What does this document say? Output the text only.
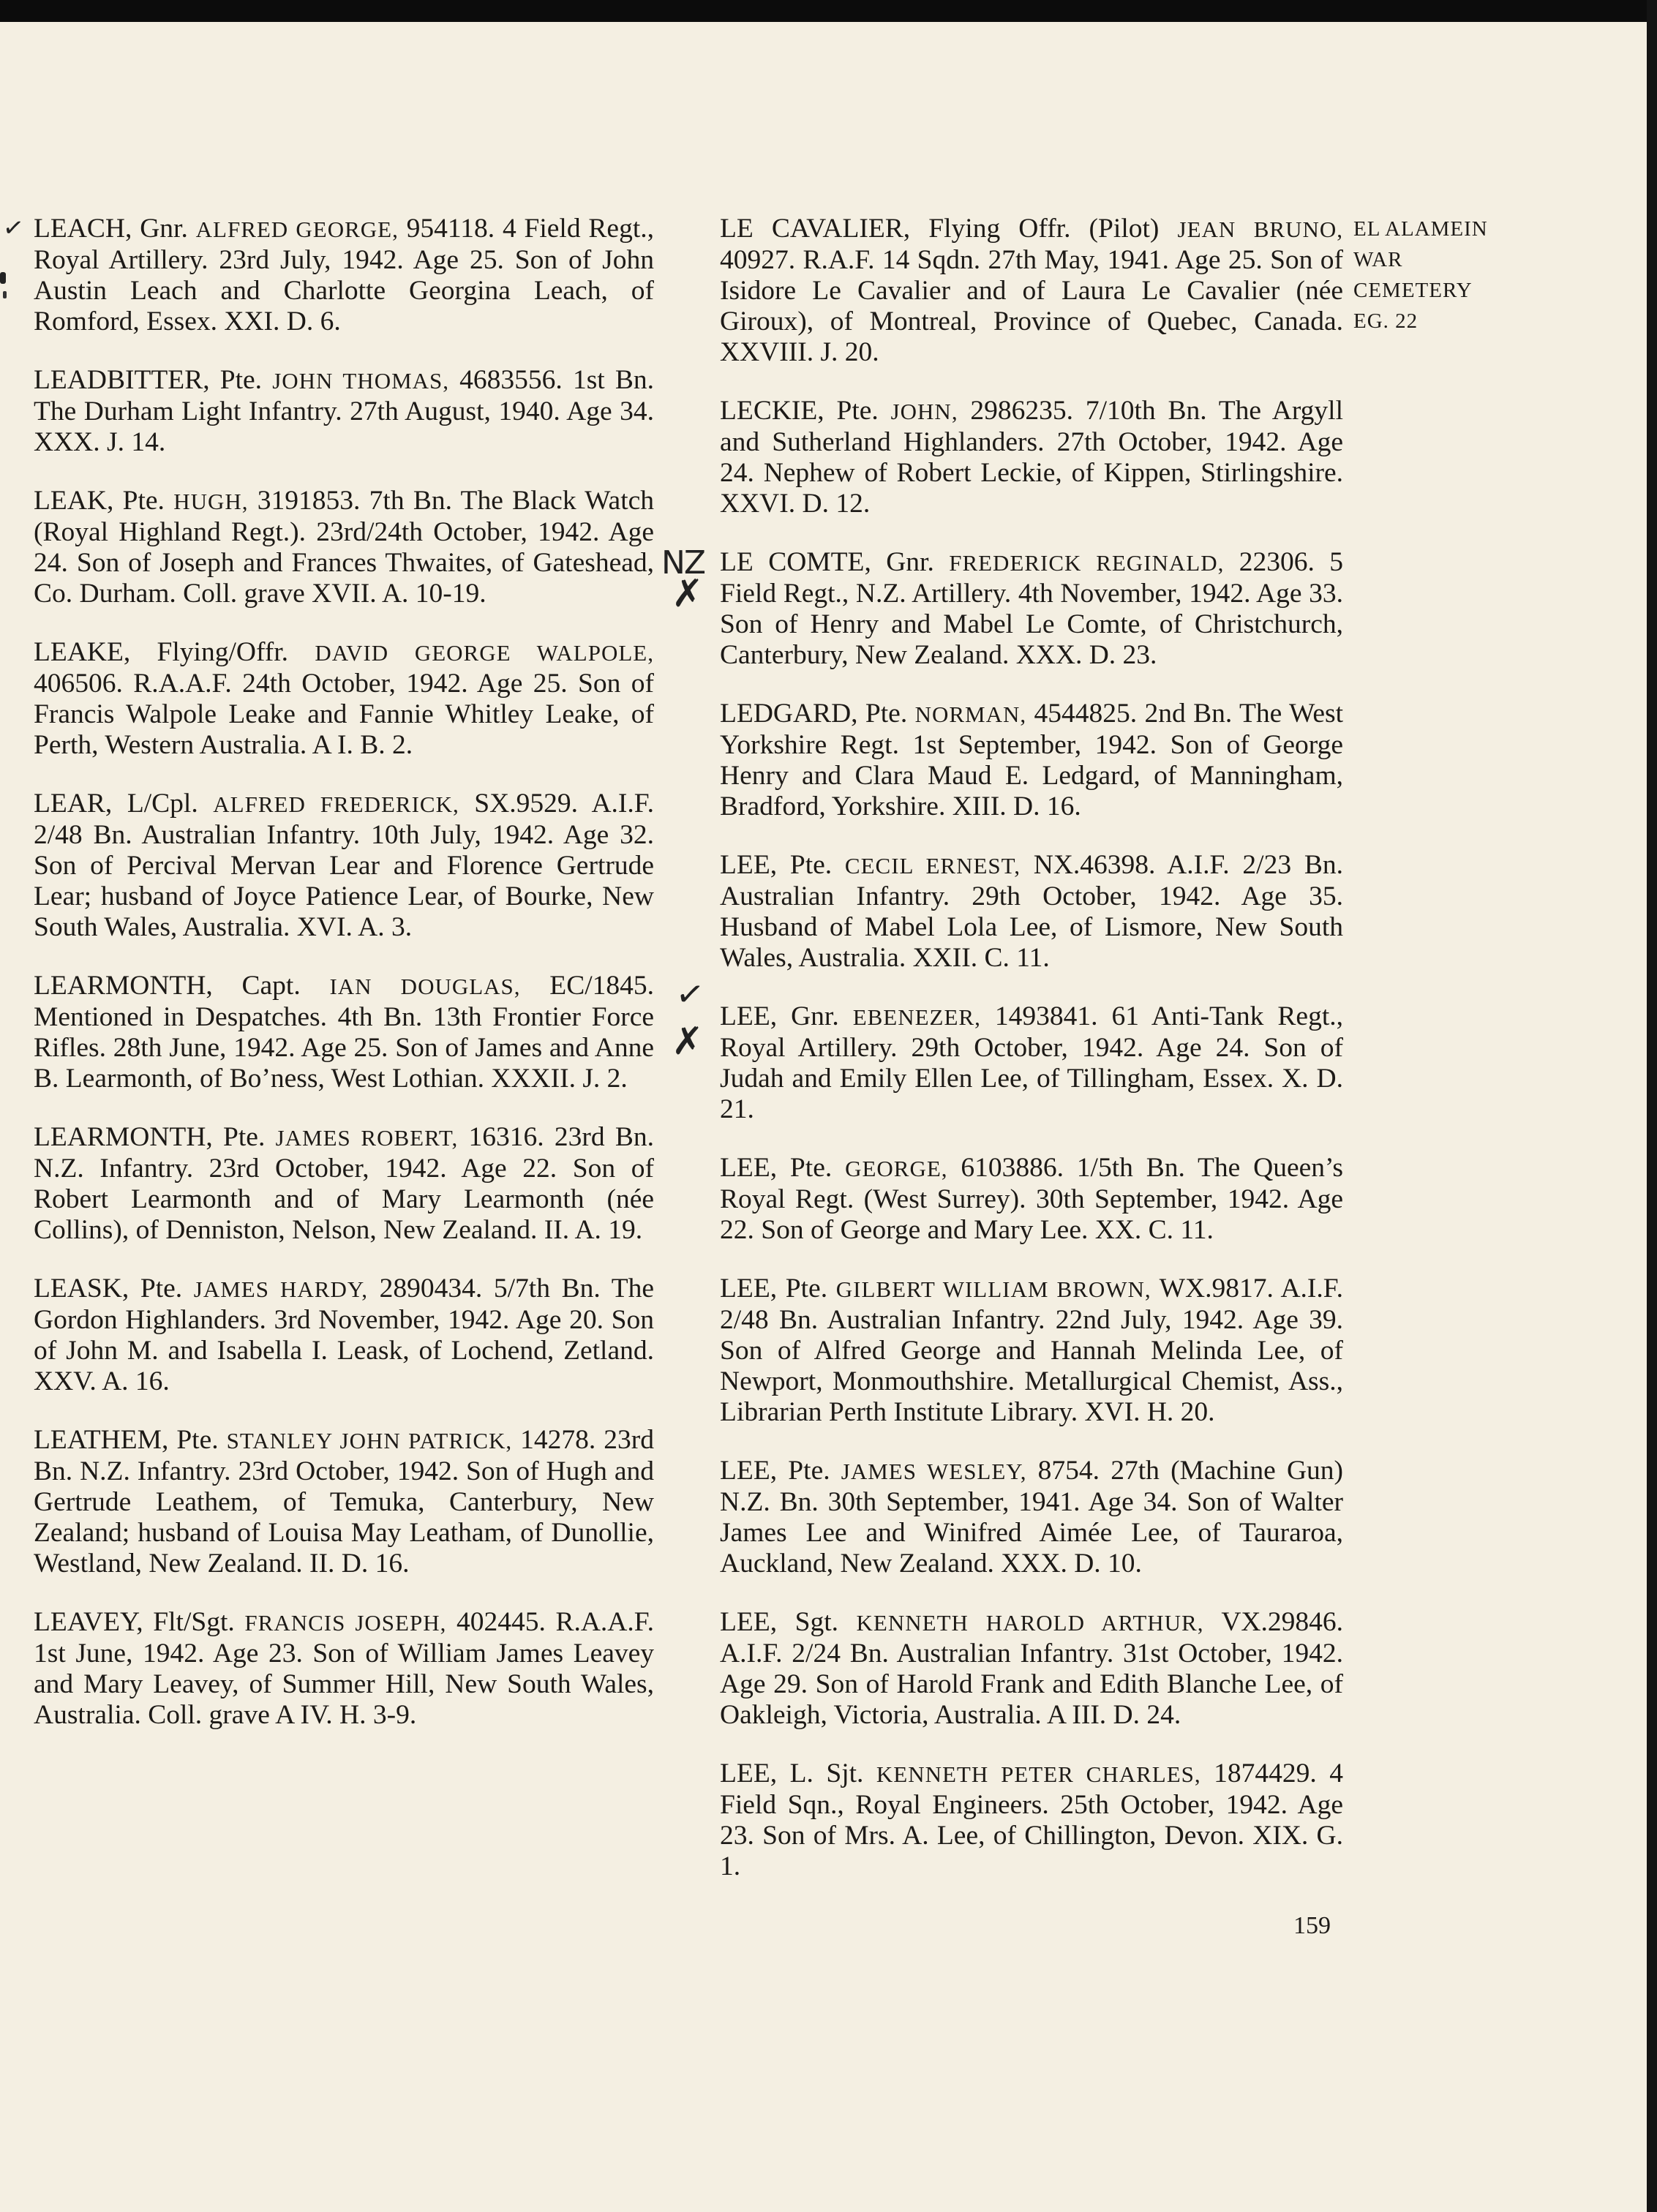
LEACH, Gnr. ALFRED GEORGE, 954118. 4 Field Regt., Royal Artillery. 23rd July, 1942. Age 25. Son of John Austin Leach and Charlotte Georgina Leach, of Romford, Essex. XXI. D. 6.

LEADBITTER, Pte. JOHN THOMAS, 4683556. 1st Bn. The Durham Light Infantry. 27th August, 1940. Age 34. XXX. J. 14.

LEAK, Pte. HUGH, 3191853. 7th Bn. The Black Watch (Royal Highland Regt.). 23rd/24th October, 1942. Age 24. Son of Joseph and Frances Thwaites, of Gateshead, Co. Durham. Coll. grave XVII. A. 10-19.

LEAKE, Flying/Offr. DAVID GEORGE WALPOLE, 406506. R.A.A.F. 24th October, 1942. Age 25. Son of Francis Walpole Leake and Fannie Whitley Leake, of Perth, Western Australia. A I. B. 2.

LEAR, L/Cpl. ALFRED FREDERICK, SX.9529. A.I.F. 2/48 Bn. Australian Infantry. 10th July, 1942. Age 32. Son of Percival Mervan Lear and Florence Gertrude Lear; husband of Joyce Patience Lear, of Bourke, New South Wales, Australia. XVI. A. 3.

LEARMONTH, Capt. IAN DOUGLAS, EC/1845. Mentioned in Despatches. 4th Bn. 13th Frontier Force Rifles. 28th June, 1942. Age 25. Son of James and Anne B. Learmonth, of Bo’ness, West Lothian. XXXII. J. 2.

LEARMONTH, Pte. JAMES ROBERT, 16316. 23rd Bn. N.Z. Infantry. 23rd October, 1942. Age 22. Son of Robert Learmonth and of Mary Learmonth (née Collins), of Denniston, Nelson, New Zealand. II. A. 19.

LEASK, Pte. JAMES HARDY, 2890434. 5/7th Bn. The Gordon Highlanders. 3rd November, 1942. Age 20. Son of John M. and Isabella I. Leask, of Lochend, Zetland. XXV. A. 16.

LEATHEM, Pte. STANLEY JOHN PATRICK, 14278. 23rd Bn. N.Z. Infantry. 23rd October, 1942. Son of Hugh and Gertrude Leathem, of Temuka, Canterbury, New Zealand; husband of Louisa May Leatham, of Dunollie, Westland, New Zealand. II. D. 16.

LEAVEY, Flt/Sgt. FRANCIS JOSEPH, 402445. R.A.A.F. 1st June, 1942. Age 23. Son of William James Leavey and Mary Leavey, of Summer Hill, New South Wales, Australia. Coll. grave A IV. H. 3-9.

LE CAVALIER, Flying Offr. (Pilot) JEAN BRUNO, 40927. R.A.F. 14 Sqdn. 27th May, 1941. Age 25. Son of Isidore Le Cavalier and of Laura Le Cavalier (née Giroux), of Montreal, Province of Quebec, Canada. XXVIII. J. 20.

LECKIE, Pte. JOHN, 2986235. 7/10th Bn. The Argyll and Sutherland Highlanders. 27th October, 1942. Age 24. Nephew of Robert Leckie, of Kippen, Stirlingshire. XXVI. D. 12.

LE COMTE, Gnr. FREDERICK REGINALD, 22306. 5 Field Regt., N.Z. Artillery. 4th November, 1942. Age 33. Son of Henry and Mabel Le Comte, of Christchurch, Canterbury, New Zealand. XXX. D. 23.

LEDGARD, Pte. NORMAN, 4544825. 2nd Bn. The West Yorkshire Regt. 1st September, 1942. Son of George Henry and Clara Maud E. Ledgard, of Manningham, Bradford, Yorkshire. XIII. D. 16.

LEE, Pte. CECIL ERNEST, NX.46398. A.I.F. 2/23 Bn. Australian Infantry. 29th October, 1942. Age 35. Husband of Mabel Lola Lee, of Lismore, New South Wales, Australia. XXII. C. 11.

LEE, Gnr. EBENEZER, 1493841. 61 Anti-Tank Regt., Royal Artillery. 29th October, 1942. Age 24. Son of Judah and Emily Ellen Lee, of Tillingham, Essex. X. D. 21.

LEE, Pte. GEORGE, 6103886. 1/5th Bn. The Queen’s Royal Regt. (West Surrey). 30th September, 1942. Age 22. Son of George and Mary Lee. XX. C. 11.

LEE, Pte. GILBERT WILLIAM BROWN, WX.9817. A.I.F. 2/48 Bn. Australian Infantry. 22nd July, 1942. Age 39. Son of Alfred George and Hannah Melinda Lee, of Newport, Monmouthshire. Metallurgical Chemist, Ass., Librarian Perth Institute Library. XVI. H. 20.

LEE, Pte. JAMES WESLEY, 8754. 27th (Machine Gun) N.Z. Bn. 30th September, 1941. Age 34. Son of Walter James Lee and Winifred Aimée Lee, of Tauraroa, Auckland, New Zealand. XXX. D. 10.

LEE, Sgt. KENNETH HAROLD ARTHUR, VX.29846. A.I.F. 2/24 Bn. Australian Infantry. 31st October, 1942. Age 29. Son of Harold Frank and Edith Blanche Lee, of Oakleigh, Victoria, Australia. A III. D. 24.

LEE, L. Sjt. KENNETH PETER CHARLES, 1874429. 4 Field Sqn., Royal Engineers. 25th October, 1942. Age 23. Son of Mrs. A. Lee, of Chillington, Devon. XIX. G. 1.

EL ALAMEIN
WAR
CEMETERY
EG. 22
NZ
✗
✓
✗
✓
159
